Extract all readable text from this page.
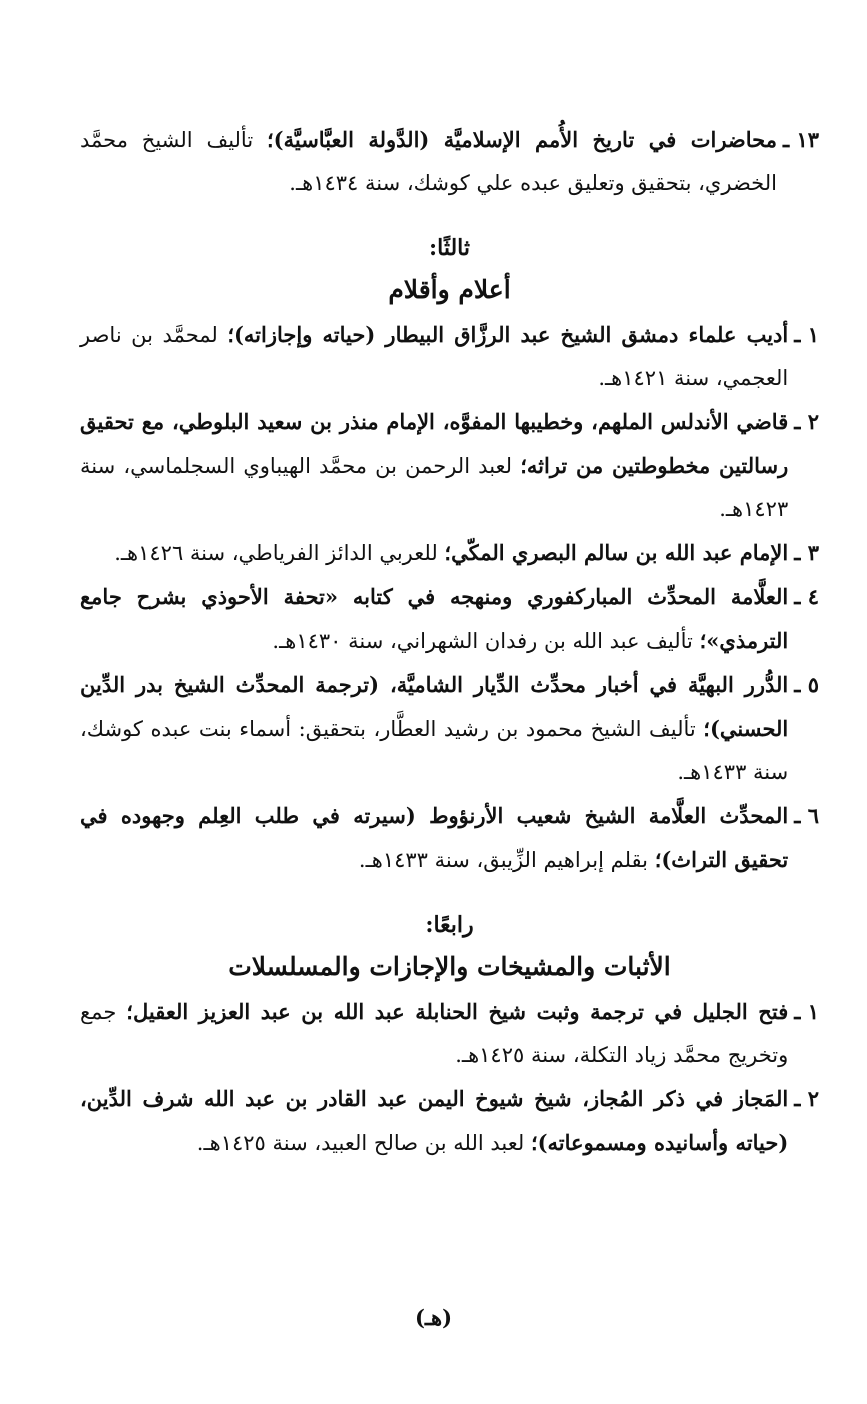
١٣ ـ
محاضرات في تاريخ الأُمم الإسلاميَّة (الدَّولة العبَّاسيَّة)؛ تأليف الشيخ محمَّد الخضري، بتحقيق وتعليق عبده علي كوشك، سنة ١٤٣٤هـ.

ثالثًا:
أعلام وأقلام

١ ـ
أديب علماء دمشق الشيخ عبد الرزَّاق البيطار (حياته وإجازاته)؛ لمحمَّد بن ناصر العجمي، سنة ١٤٢١هـ.

٢ ـ
قاضي الأندلس الملهم، وخطيبها المفوَّه، الإمام منذر بن سعيد البلوطي، مع تحقيق رسالتين مخطوطتين من تراثه؛ لعبد الرحمن بن محمَّد الهيباوي السجلماسي، سنة ١٤٢٣هـ.

٣ ـ
الإمام عبد الله بن سالم البصري المكّي؛ للعربي الدائز الفرياطي، سنة ١٤٢٦هـ.

٤ ـ
العلَّامة المحدِّث المباركفوري ومنهجه في كتابه «تحفة الأحوذي بشرح جامع الترمذي»؛ تأليف عبد الله بن رفدان الشهراني، سنة ١٤٣٠هـ.

٥ ـ
الدُّرر البهيَّة في أخبار محدِّث الدِّيار الشاميَّة، (ترجمة المحدِّث الشيخ بدر الدِّين الحسني)؛ تأليف الشيخ محمود بن رشيد العطَّار، بتحقيق: أسماء بنت عبده كوشك، سنة ١٤٣٣هـ.

٦ ـ
المحدِّث العلَّامة الشيخ شعيب الأرنؤوط (سيرته في طلب العِلم وجهوده في تحقيق التراث)؛ بقلم إبراهيم الزِّيبق، سنة ١٤٣٣هـ.

رابعًا:
الأثبات والمشيخات والإجازات والمسلسلات

١ ـ
فتح الجليل في ترجمة وثبت شيخ الحنابلة عبد الله بن عبد العزيز العقيل؛ جمع وتخريج محمَّد زياد التكلة، سنة ١٤٢٥هـ.

٢ ـ
المَجاز في ذكر المُجاز، شيخ شيوخ اليمن عبد القادر بن عبد الله شرف الدِّين، (حياته وأسانيده ومسموعاته)؛ لعبد الله بن صالح العبيد، سنة ١٤٢٥هـ.

(هـ)
